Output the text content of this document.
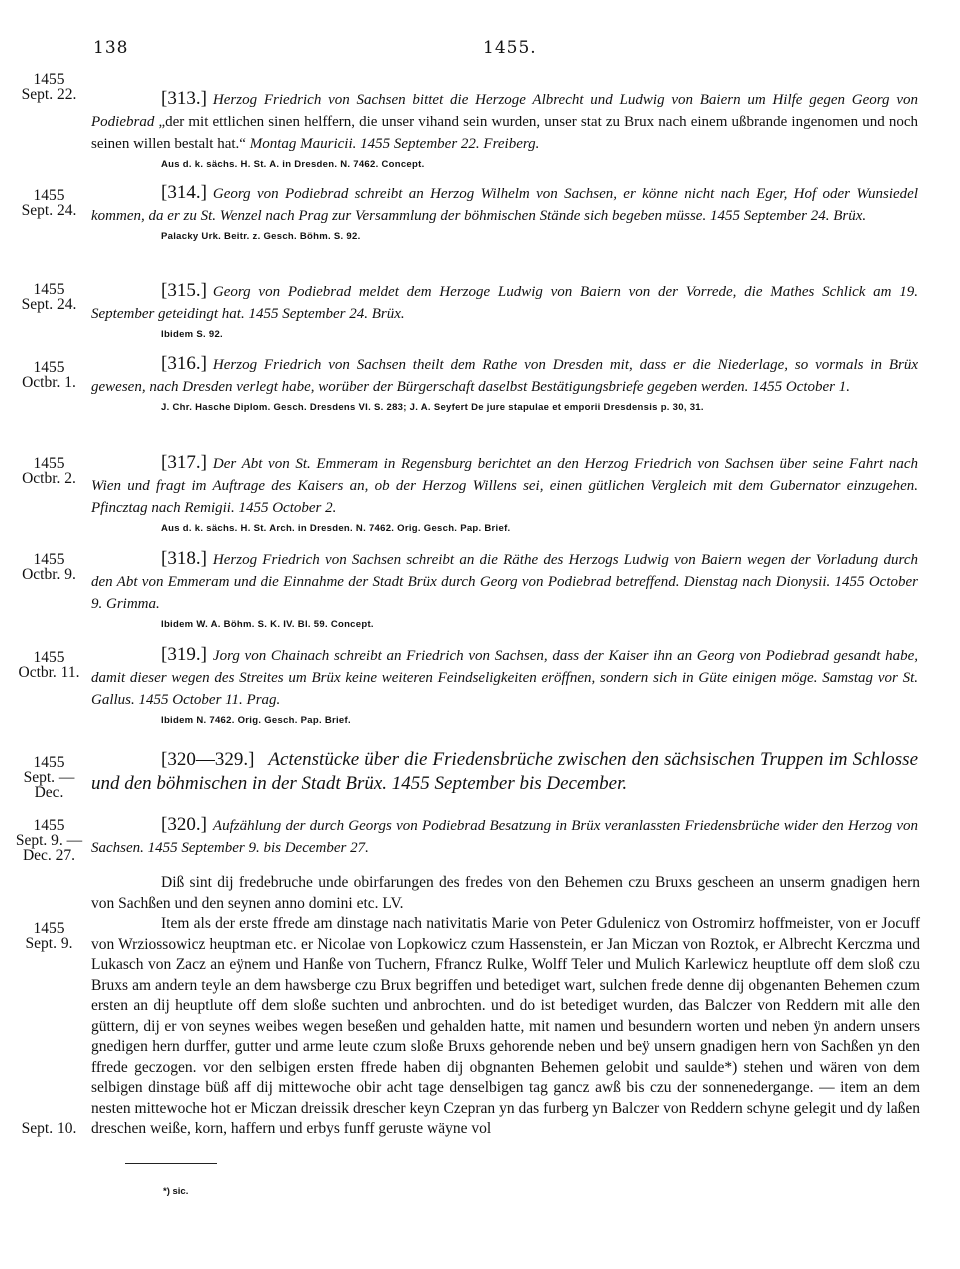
138	1455.
1455
Sept. 22.	[313.] Herzog Friedrich von Sachsen bittet die Herzoge Albrecht und Ludwig von Baiern um Hilfe gegen Georg von Podiebrad „der mit ettlichen sinen helffern, die unser vihand sein wurden, unser stat zu Brux nach einem ußbrande ingenomen und noch seinen willen bestalt hat.“ Montag Mauricii. 1455 September 22. Freiberg.
Aus d. k. sächs. H. St. A. in Dresden. N. 7462. Concept.
1455
Sept. 24.
[314.] Georg von Podiebrad schreibt an Herzog Wilhelm von Sachsen, er könne nicht nach Eger, Hof oder Wunsiedel kommen, da er zu St. Wenzel nach Prag zur Versammlung der böhmischen Stände sich begeben müsse. 1455 September 24. Brüx.
Palacky Urk. Beitr. z. Gesch. Böhm. S. 92.
1455
Sept. 24.
[315.] Georg von Podiebrad meldet dem Herzoge Ludwig von Baiern von der Vorrede, die Mathes Schlick am 19. September geteidingt hat. 1455 September 24. Brüx.
Ibidem S. 92.
1455
Octbr. 1.
[316.] Herzog Friedrich von Sachsen theilt dem Rathe von Dresden mit, dass er die Niederlage, so vormals in Brüx gewesen, nach Dresden verlegt habe, worüber der Bürgerschaft daselbst Bestätigungsbriefe gegeben werden. 1455 October 1.
J. Chr. Hasche Diplom. Gesch. Dresdens VI. S. 283; J. A. Seyfert De jure stapulae et emporii Dresdensis p. 30, 31.
1455
Octbr. 2.
[317.] Der Abt von St. Emmeram in Regensburg berichtet an den Herzog Friedrich von Sachsen über seine Fahrt nach Wien und fragt im Auftrage des Kaisers an, ob der Herzog Willens sei, einen gütlichen Vergleich mit dem Gubernator einzugehen. Pfincztag nach Remigii. 1455 October 2.
Aus d. k. sächs. H. St. Arch. in Dresden. N. 7462. Orig. Gesch. Pap. Brief.
1455
Octbr. 9.
[318.] Herzog Friedrich von Sachsen schreibt an die Räthe des Herzogs Ludwig von Baiern wegen der Vorladung durch den Abt von Emmeram und die Einnahme der Stadt Brüx durch Georg von Podiebrad betreffend. Dienstag nach Dionysii. 1455 October 9. Grimma.
Ibidem W. A. Böhm. S. K. IV. Bl. 59. Concept.
1455
Octbr. 11.
[319.] Jorg von Chainach schreibt an Friedrich von Sachsen, dass der Kaiser ihn an Georg von Podiebrad gesandt habe, damit dieser wegen des Streites um Brüx keine weiteren Feindseligkeiten eröffnen, sondern sich in Güte einigen möge. Samstag vor St. Gallus. 1455 October 11. Prag.
Ibidem N. 7462. Orig. Gesch. Pap. Brief.
1455
Sept. —
Dec.
[320—329.] Actenstücke über die Friedensbrüche zwischen den sächsischen Truppen im Schlosse und den böhmischen in der Stadt Brüx. 1455 September bis December.
1455
Sept. 9. —
Dec. 27.
[320.] Aufzählung der durch Georgs von Podiebrad Besatzung in Brüx veranlassten Friedensbrüche wider den Herzog von Sachsen. 1455 September 9. bis December 27.
1455
Sept. 9.
Sept. 10.

Diß sint dij fredebruche unde obirfarungen des fredes von den Behemen czu Bruxs gescheen an unserm gnadigen hern von Sachßen und den seynen anno domini etc. LV.

Item als der erste ffrede am dinstage nach nativitatis Marie von Peter Gdulenicz von Ostromirz hoffmeister, von er Jocuff von Wrziossowicz heuptman etc. er Nicolae von Lopkowicz czum Hassenstein, er Jan Miczan von Roztok, er Albrecht Kerczma und Lukasch von Zacz an eÿnem und Hanße von Tuchern, Ffrancz Rulke, Wolff Teler und Mulich Karlewicz heuptlute off dem sloß czu Bruxs am andern teyle an dem hawsberge czu Brux begriffen und betediget wart, sulchen frede denne dij obgenanten Behemen czum ersten an dij heuptlute off dem sloße suchten und anbrochten. und do ist betediget wurden, das Balczer von Reddern mit alle den güttern, dij er von seynes weibes wegen beseßen und gehalden hatte, mit namen und besundern worten und neben ÿn andern unsers gnedigen hern durffer, gutter und arme leute czum sloße Bruxs gehorende neben und beÿ unsern gnadigen hern von Sachßen yn den ffrede geczogen. vor den selbigen ersten ffrede haben dij obgnanten Behemen gelobit und saulde*) stehen und wären von dem selbigen dinstage büß aff dij mittewoche obir acht tage denselbigen tag gancz awß bis czu der sonnenedergange. — item an dem nesten mittewoche hot er Miczan dreissik drescher keyn Czepran yn das furberg yn Balczer von Reddern schyne gelegit und dy laßen dreschen weiße, korn, haffern und erbys funff geruste wäyne vol

*) sic.
